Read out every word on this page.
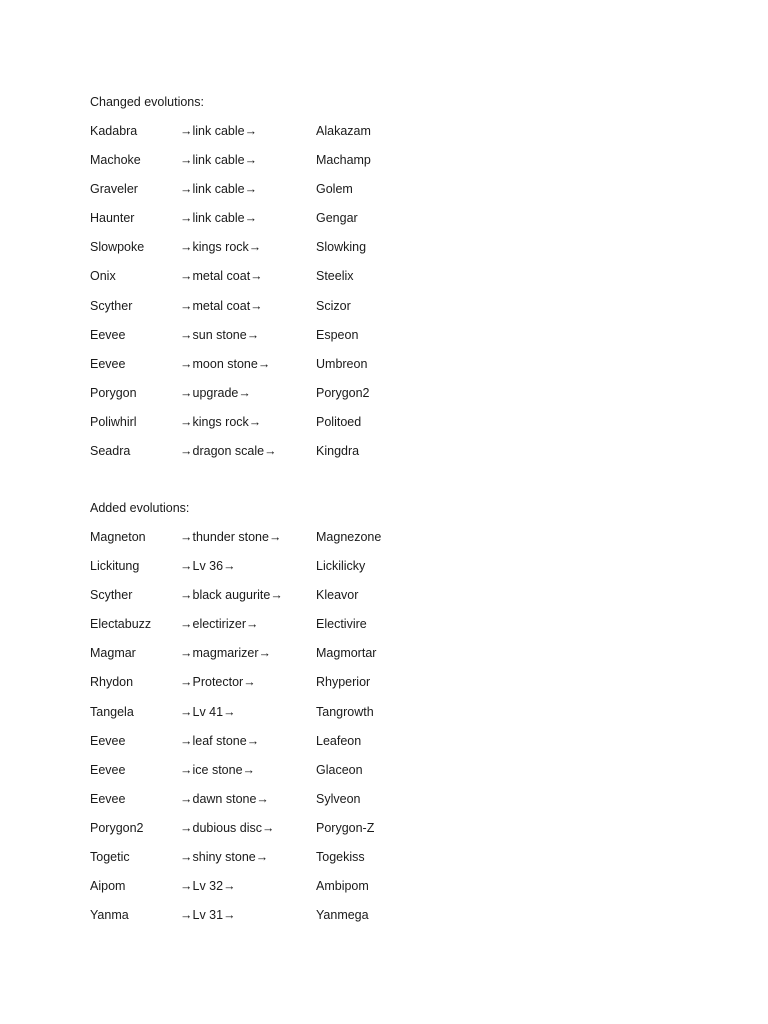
Changed evolutions:
Kadabra	→link cable→	Alakazam
Machoke	→link cable→	Machamp
Graveler	→link cable→	Golem
Haunter	→link cable→	Gengar
Slowpoke	→kings rock→	Slowking
Onix	→metal coat→	Steelix
Scyther	→metal coat→	Scizor
Eevee	→sun stone→	Espeon
Eevee	→moon stone→	Umbreon
Porygon	→upgrade→	Porygon2
Poliwhirl	→kings rock→	Politoed
Seadra	→dragon scale→	Kingdra
Added evolutions:
Magneton	→thunder stone→	Magnezone
Lickitung	→Lv 36→	Lickilicky
Scyther	→black augurite→	Kleavor
Electabuzz →electirizer→	Electivire
Magmar	→magmarizer→	Magmortar
Rhydon	→Protector→	Rhyperior
Tangela	→Lv 41→	Tangrowth
Eevee	→leaf stone→	Leafeon
Eevee	→ice stone→	Glaceon
Eevee	→dawn stone→	Sylveon
Porygon2	→dubious disc→	Porygon-Z
Togetic	→shiny stone→	Togekiss
Aipom	→Lv 32→	Ambipom
Yanma	→Lv 31→	Yanmega
